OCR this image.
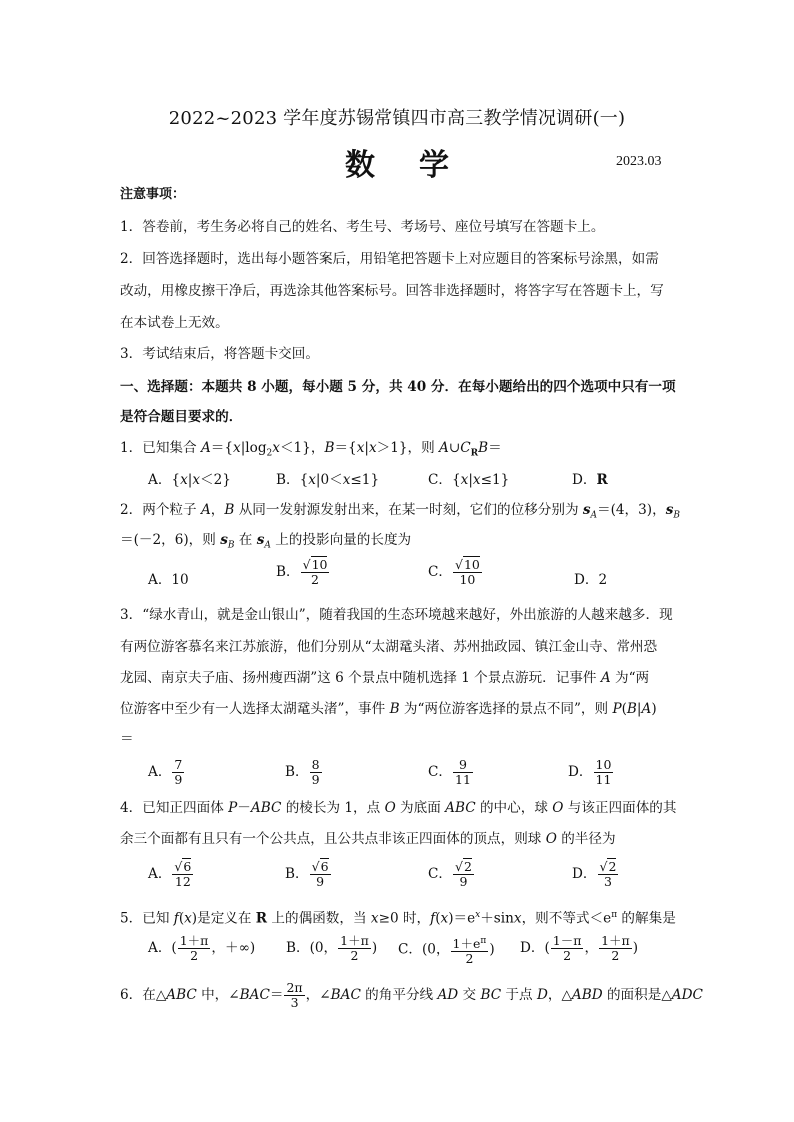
2022~2023 学年度苏锡常镇四市高三教学情况调研(一)
数学	2023.03
注意事项：
1．答卷前，考生务必将自己的姓名、考生号、考场号、座位号填写在答题卡上。
2．回答选择题时，选出每小题答案后，用铅笔把答题卡上对应题目的答案标号涂黑，如需
改动，用橡皮擦干净后，再选涂其他答案标号。回答非选择题时，将答字写在答题卡上，写
在本试卷上无效。
3．考试结束后，将答题卡交回。
一、选择题：本题共 8 小题，每小题 5 分，共 40 分．在每小题给出的四个选项中只有一项
是符合题目要求的．
1．已知集合 $A=\{x|\log_2x<1\}$，B＝{x|x＞1}，则 $A\cup C_RB=$
A．{x|x＜2}	B．{x|0＜x≤1}	C．{x|x≤1}	D．R
2．两个粒子 A，B 从同一发射源发射出来，在某一时刻，它们的位移分别为 $s_A=(4$，3)，$s_B$
＝(－2，6)，则 $s_B$ 在 $s_A$ 上的投影向量的长度为
A．10	B． $\frac{√10}{2}$	C． $\frac{√10}{10}$	D．2
3．“绿水青山，就是金山银山”，随着我国的生态环境越来越好，外出旅游的人越来越多．现
有两位游客慕名来江苏旅游，他们分别从“太湖鼋头渚、苏州拙政园、镇江金山寺、常州恐
龙园、南京夫子庙、扬州瘦西湖”这 6 个景点中随机选择 1 个景点游玩．记事件 A 为“两
位游客中至少有一人选择太湖鼋头渚”，事件 B 为“两位游客选择的景点不同”，则 P(B|A)
＝
A． $\frac{7}{9}$	B． $\frac{8}{9}$	C． $\frac{9}{11}$	D． $\frac{10}{11}$
4．已知正四面体 P－ABC 的棱长为 1，点 O 为底面 ABC 的中心，球 O 与该正四面体的其
余三个面都有且只有一个公共点，且公共点非该正四面体的顶点，则球 O 的半径为
A． $\frac{√6}{12}$	B． $\frac{√6}{9}$	C． $\frac{√2}{9}$	D． $\frac{√2}{3}$
5．已知 f(x)是定义在 R 上的偶函数，当 x≥0 时，$f(x)=e^x+\sin x$，则不等式$<e^\pi$ 的解集是
A．( $\frac{1+\pi}{2}$ ，＋∞) B．(0， $\frac{1+\pi}{2}$ ) C．(0， $\frac{1+e^\pi}{2}$ ) D．( $\frac{1-\pi}{2}$ ， $\frac{1+\pi}{2}$ )
6．在△ABC 中，∠BAC＝ $\frac{2\pi}{3}$ ，∠BAC 的角平分线 AD 交 BC 于点 D，△ABD 的面积是△ADC
